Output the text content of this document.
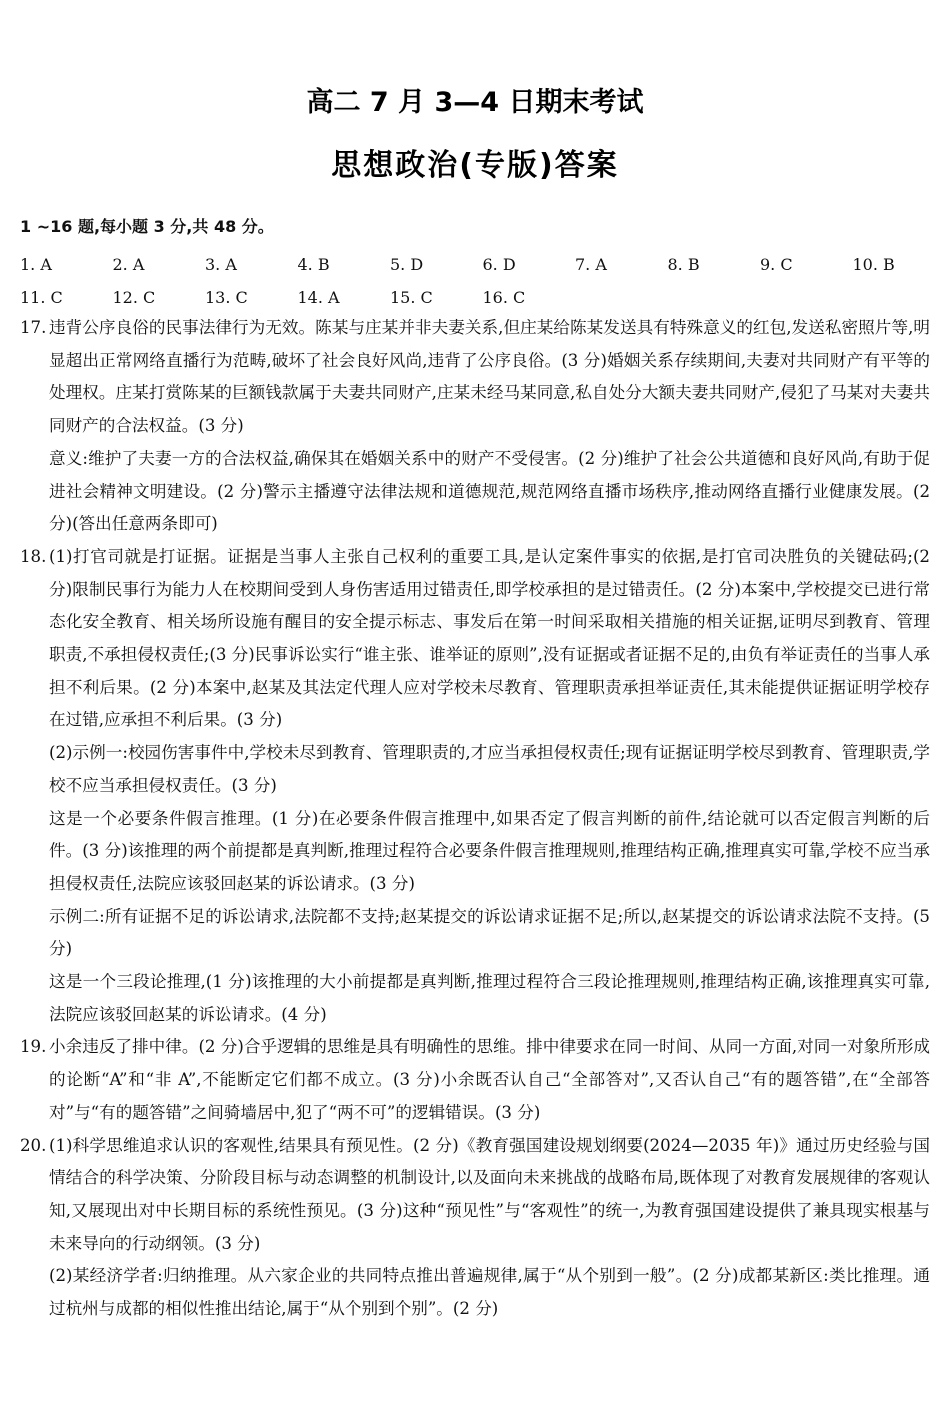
高二 7 月 3—4 日期末考试
思想政治(专版)答案
1 ~16 题,每小题 3 分,共 48 分。
1. A	2. A	3. A	4. B	5. D	6. D	7. A	8. B	9. C	10. B
11. C	12. C	13. C	14. A	15. C	16. C
17. 违背公序良俗的民事法律行为无效。陈某与庄某并非夫妻关系,但庄某给陈某发送具有特殊意义的红包,发送私密照片等,明显超出正常网络直播行为范畴,破坏了社会良好风尚,违背了公序良俗。(3 分)婚姻关系存续期间,夫妻对共同财产有平等的处理权。庄某打赏陈某的巨额钱款属于夫妻共同财产,庄某未经马某同意,私自处分大额夫妻共同财产,侵犯了马某对夫妻共同财产的合法权益。(3 分)

意义:维护了夫妻一方的合法权益,确保其在婚姻关系中的财产不受侵害。(2 分)维护了社会公共道德和良好风尚,有助于促进社会精神文明建设。(2 分)警示主播遵守法律法规和道德规范,规范网络直播市场秩序,推动网络直播行业健康发展。(2 分)(答出任意两条即可)

18. (1)打官司就是打证据。证据是当事人主张自己权利的重要工具,是认定案件事实的依据,是打官司决胜负的关键砝码;(2 分)限制民事行为能力人在校期间受到人身伤害适用过错责任,即学校承担的是过错责任。(2 分)本案中,学校提交已进行常态化安全教育、相关场所设施有醒目的安全提示标志、事发后在第一时间采取相关措施的相关证据,证明尽到教育、管理职责,不承担侵权责任;(3 分)民事诉讼实行“谁主张、谁举证的原则”,没有证据或者证据不足的,由负有举证责任的当事人承担不利后果。(2 分)本案中,赵某及其法定代理人应对学校未尽教育、管理职责承担举证责任,其未能提供证据证明学校存在过错,应承担不利后果。(3 分)

(2)示例一:校园伤害事件中,学校未尽到教育、管理职责的,才应当承担侵权责任;现有证据证明学校尽到教育、管理职责,学校不应当承担侵权责任。(3 分)

这是一个必要条件假言推理。(1 分)在必要条件假言推理中,如果否定了假言判断的前件,结论就可以否定假言判断的后件。(3 分)该推理的两个前提都是真判断,推理过程符合必要条件假言推理规则,推理结构正确,推理真实可靠,学校不应当承担侵权责任,法院应该驳回赵某的诉讼请求。(3 分)

示例二:所有证据不足的诉讼请求,法院都不支持;赵某提交的诉讼请求证据不足;所以,赵某提交的诉讼请求法院不支持。(5 分)

这是一个三段论推理,(1 分)该推理的大小前提都是真判断,推理过程符合三段论推理规则,推理结构正确,该推理真实可靠,法院应该驳回赵某的诉讼请求。(4 分)

19. 小余违反了排中律。(2 分)合乎逻辑的思维是具有明确性的思维。排中律要求在同一时间、从同一方面,对同一对象所形成的论断“A”和“非 A”,不能断定它们都不成立。(3 分)小余既否认自己“全部答对”,又否认自己“有的题答错”,在“全部答对”与“有的题答错”之间骑墙居中,犯了“两不可”的逻辑错误。(3 分)

20. (1)科学思维追求认识的客观性,结果具有预见性。(2 分)《教育强国建设规划纲要(2024—2035 年)》通过历史经验与国情结合的科学决策、分阶段目标与动态调整的机制设计,以及面向未来挑战的战略布局,既体现了对教育发展规律的客观认知,又展现出对中长期目标的系统性预见。(3 分)这种“预见性”与“客观性”的统一,为教育强国建设提供了兼具现实根基与未来导向的行动纲领。(3 分)

(2)某经济学者:归纳推理。从六家企业的共同特点推出普遍规律,属于“从个别到一般”。(2 分)成都某新区:类比推理。通过杭州与成都的相似性推出结论,属于“从个别到个别”。(2 分)
